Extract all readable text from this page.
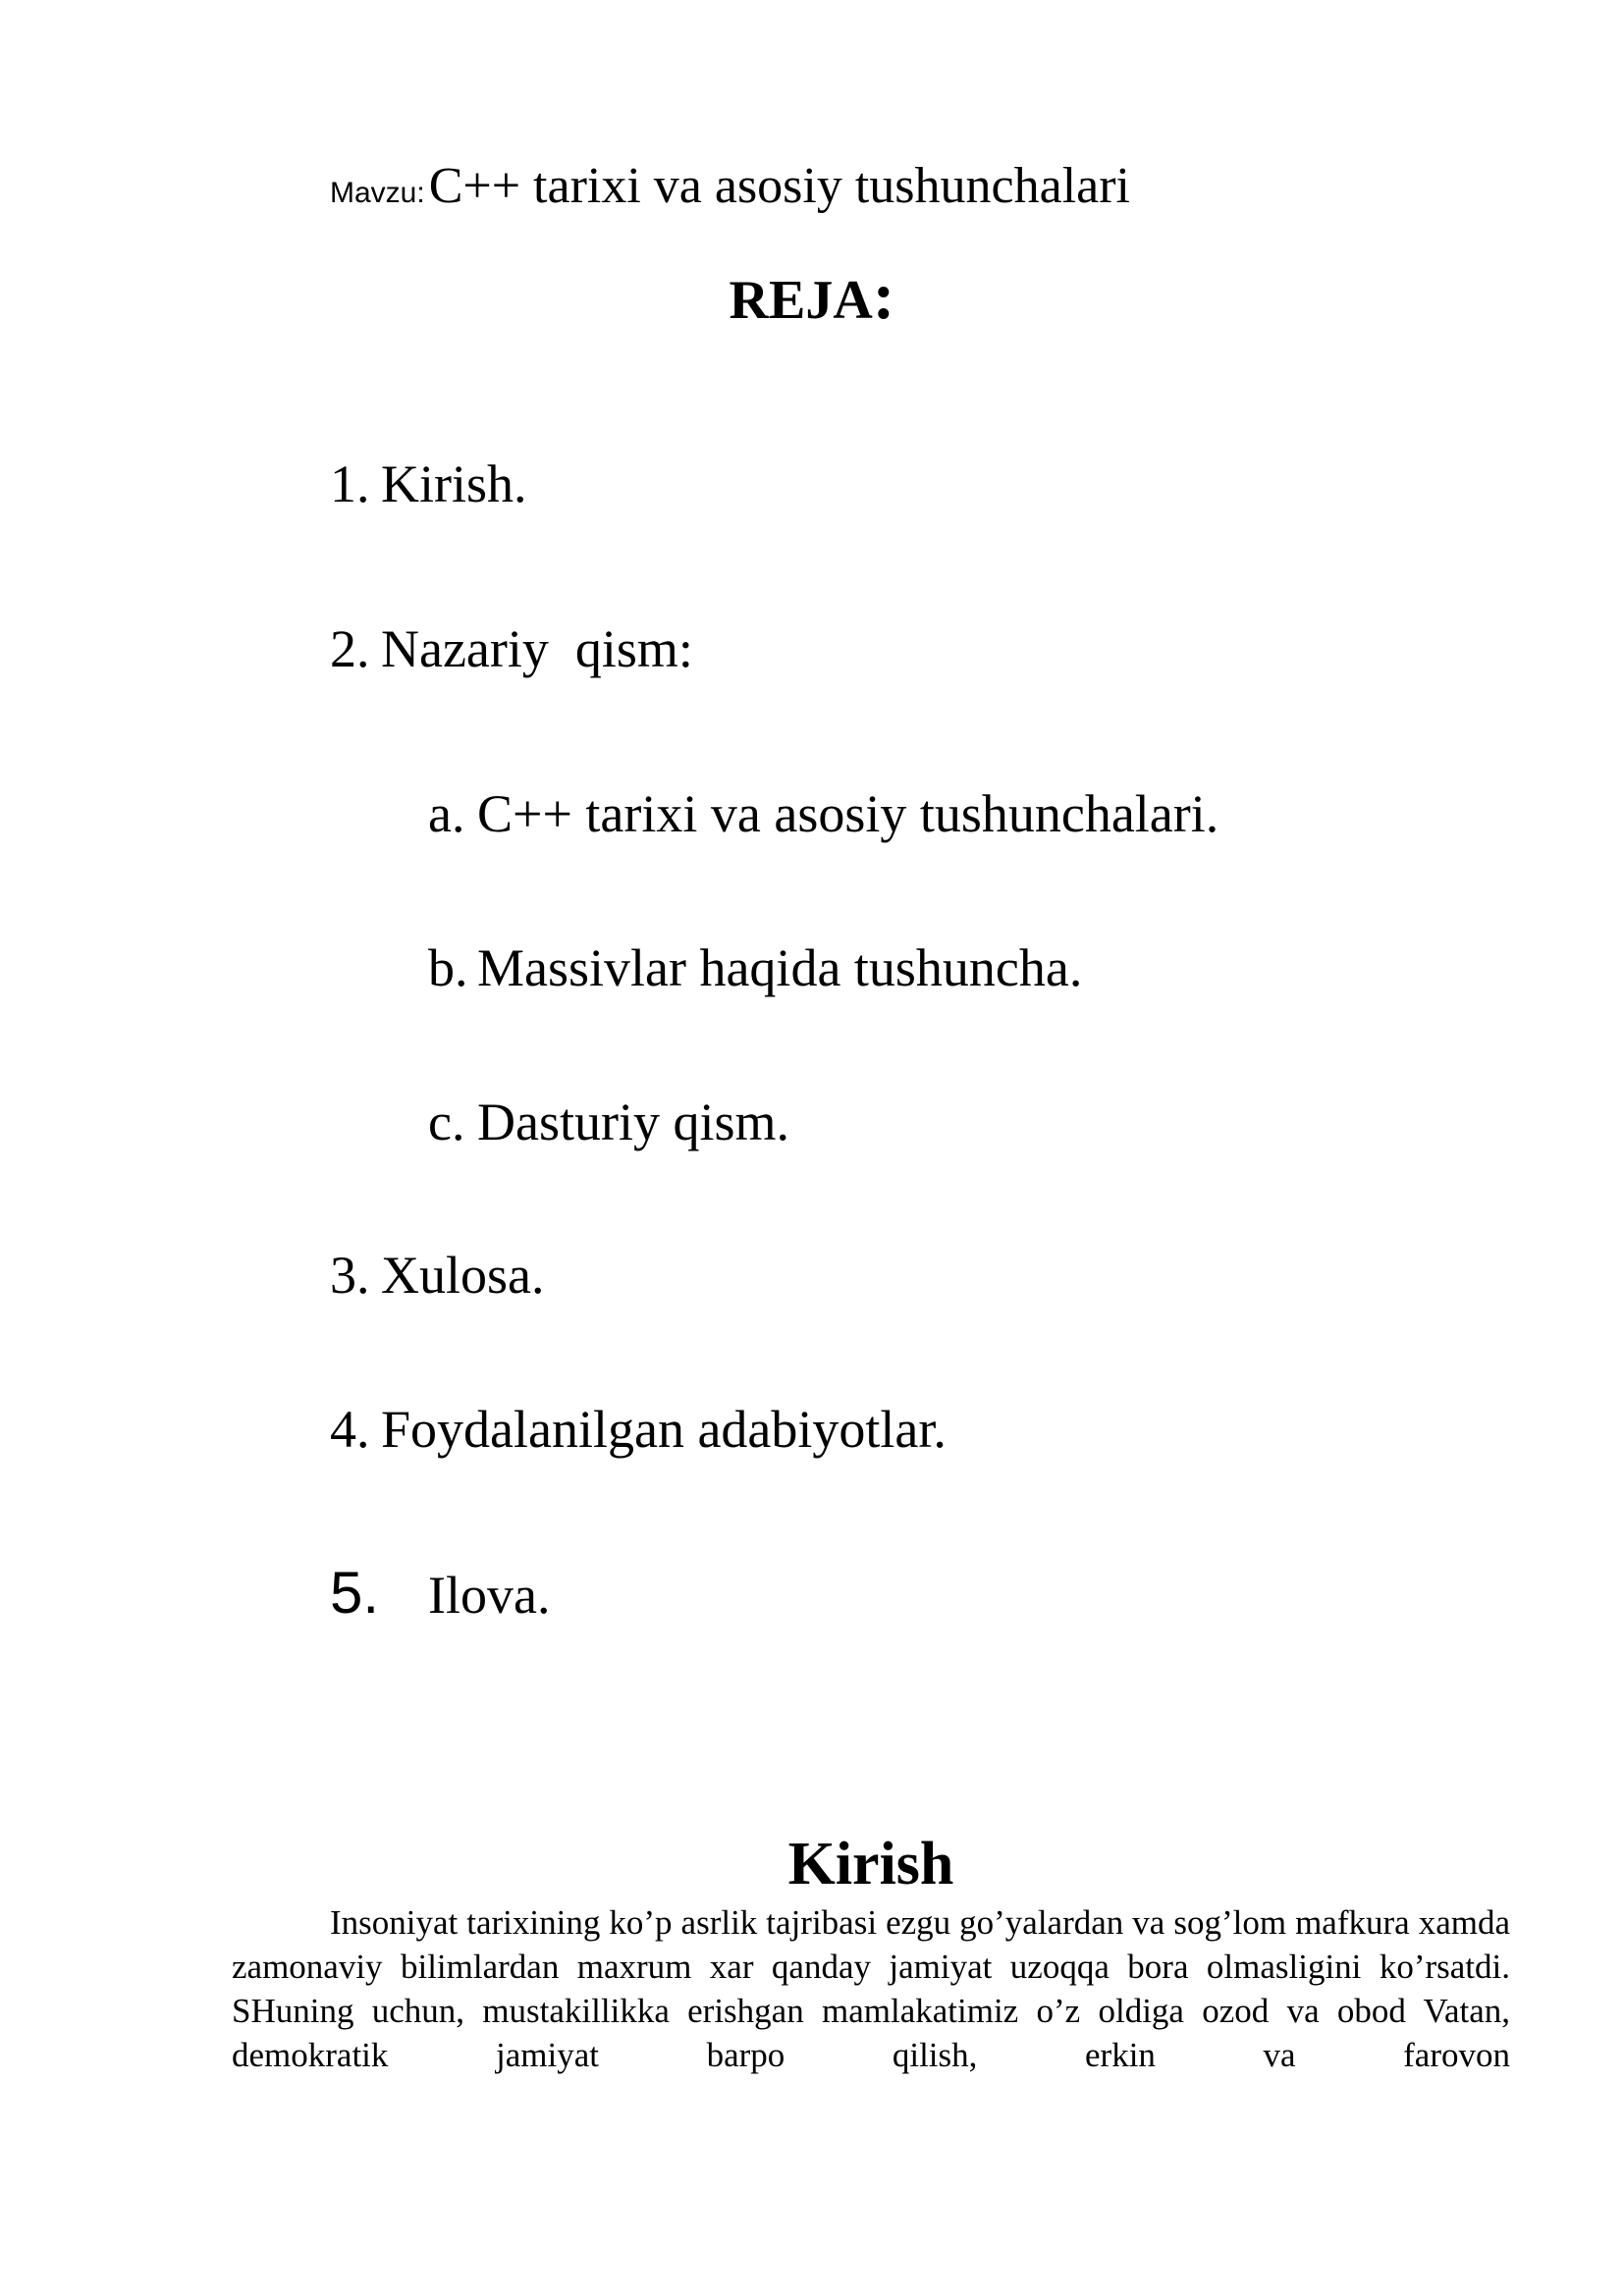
Mavzu: C++ tarixi va asosiy tushunchalari
REJA:
1. Kirish.
2. Nazariy  qism:
a. C++ tarixi va asosiy tushunchalari.
b. Massivlar haqida tushuncha.
c. Dasturiy qism.
3. Xulosa.
4. Foydalanilgan adabiyotlar.
5. Ilova.
Kirish
Insoniyat tarixining ko’p asrlik tajribasi ezgu go’yalardan va sog’lom mafkura xamda zamonaviy bilimlardan maxrum xar qanday jamiyat uzoqqa bora olmasligini ko’rsatdi. SHuning uchun, mustakillikka erishgan mamlakatimiz o’z oldiga ozod va obod Vatan, demokratik jamiyat barpo qilish, erkin va farovon
